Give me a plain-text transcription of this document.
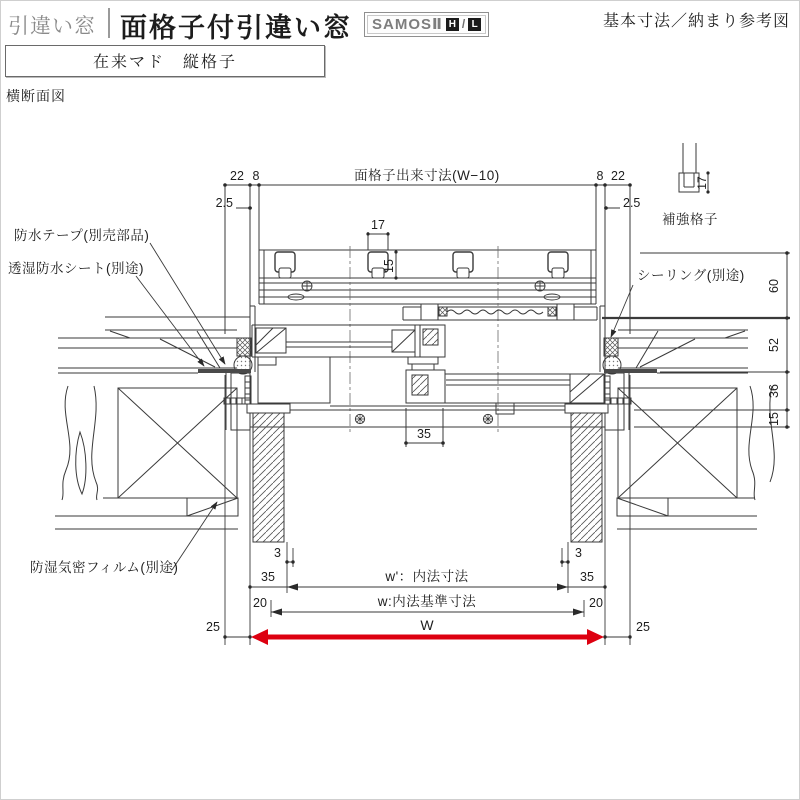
引違い窓 面格子付引違い窓 SAMOSⅡ H / L	基本寸法／納まり参考図
在来マド　縦格子
横断面図
22 8	面格子出来寸法(W−10)	8 22
2.5	2.5
17
補強格子
17
15
60
52
36
15
35
3	3
35	35
w'：内法寸法
20	20
w:内法基準寸法
25	25
W
防水テープ(別売部品)
透湿防水シート(別途)	シーリング(別途)
防湿気密フィルム(別途)
